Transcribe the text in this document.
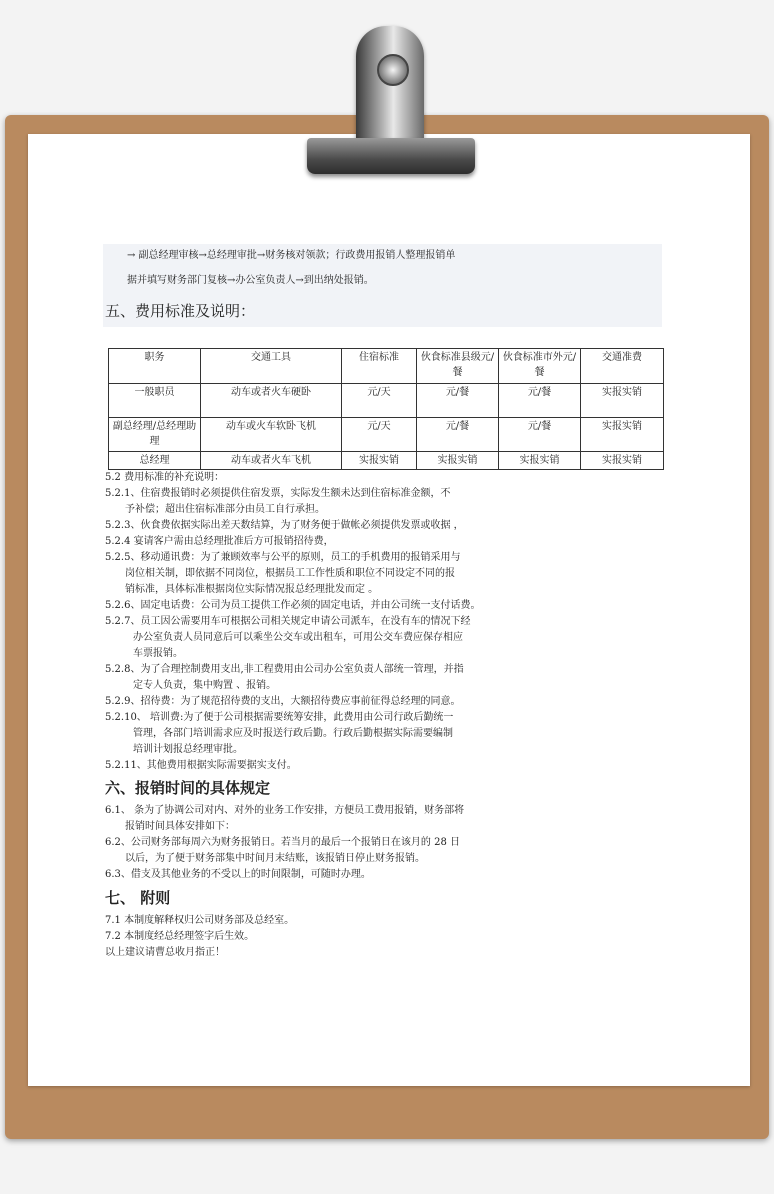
→ 副总经理审核→总经理审批→财务核对领款；行政费用报销人整理报销单
据并填写财务部门复核→办公室负责人→到出纳处报销。
五、费用标准及说明：
职务	交通工具	住宿标准	伙食标准县级元/餐	伙食标准市外元/餐	交通准费
一般职员	动车或者火车硬卧	元/天	元/餐	元/餐	实报实销
副总经理/总经理助理	动车或火车软卧飞机	元/天	元/餐	元/餐	实报实销
总经理	动车或者火车飞机	实报实销	实报实销	实报实销	实报实销
5.2 费用标准的补充说明：
5.2.1、住宿费报销时必须提供住宿发票，实际发生额未达到住宿标准金额，不
予补偿；超出住宿标准部分由员工自行承担。
5.2.3、伙食费依据实际出差天数结算，为了财务便于做帐必须提供发票或收据 ，
5.2.4 宴请客户需由总经理批准后方可报销招待费，
5.2.5、移动通讯费：为了兼顾效率与公平的原则，员工的手机费用的报销采用与
岗位相关制，即依据不同岗位，根据员工工作性质和职位不同设定不同的报
销标准，具体标准根据岗位实际情况报总经理批发而定 。
5.2.6、固定电话费：公司为员工提供工作必须的固定电话，并由公司统一支付话费。
5.2.7、员工因公需要用车可根据公司相关规定申请公司派车，在没有车的情况下经
办公室负责人员同意后可以乘坐公交车或出租车，可用公交车费应保存相应
车票报销。
5.2.8、为了合理控制费用支出,非工程费用由公司办公室负责人部统一管理，并指
定专人负责，集中购置 、报销。
5.2.9、招待费：为了规范招待费的支出，大额招待费应事前征得总经理的同意。
5.2.10、 培训费:为了便于公司根据需要统筹安排，此费用由公司行政后勤统一
管理，各部门培训需求应及时报送行政后勤。行政后勤根据实际需要编制
培训计划报总经理审批。
5.2.11、其他费用根据实际需要据实支付。
六、报销时间的具体规定
6.1、 条为了协调公司对内、对外的业务工作安排，方便员工费用报销，财务部将
报销时间具体安排如下：
6.2、公司财务部每周六为财务报销日。若当月的最后一个报销日在该月的 28 日
以后，为了便于财务部集中时间月末结账，该报销日停止财务报销。
6.3、借支及其他业务的不受以上的时间限制，可随时办理。
七、 附则
7.1 本制度解释权归公司财务部及总经室。
7.2 本制度经总经理签字后生效。
以上建议请曹总收月指正！
